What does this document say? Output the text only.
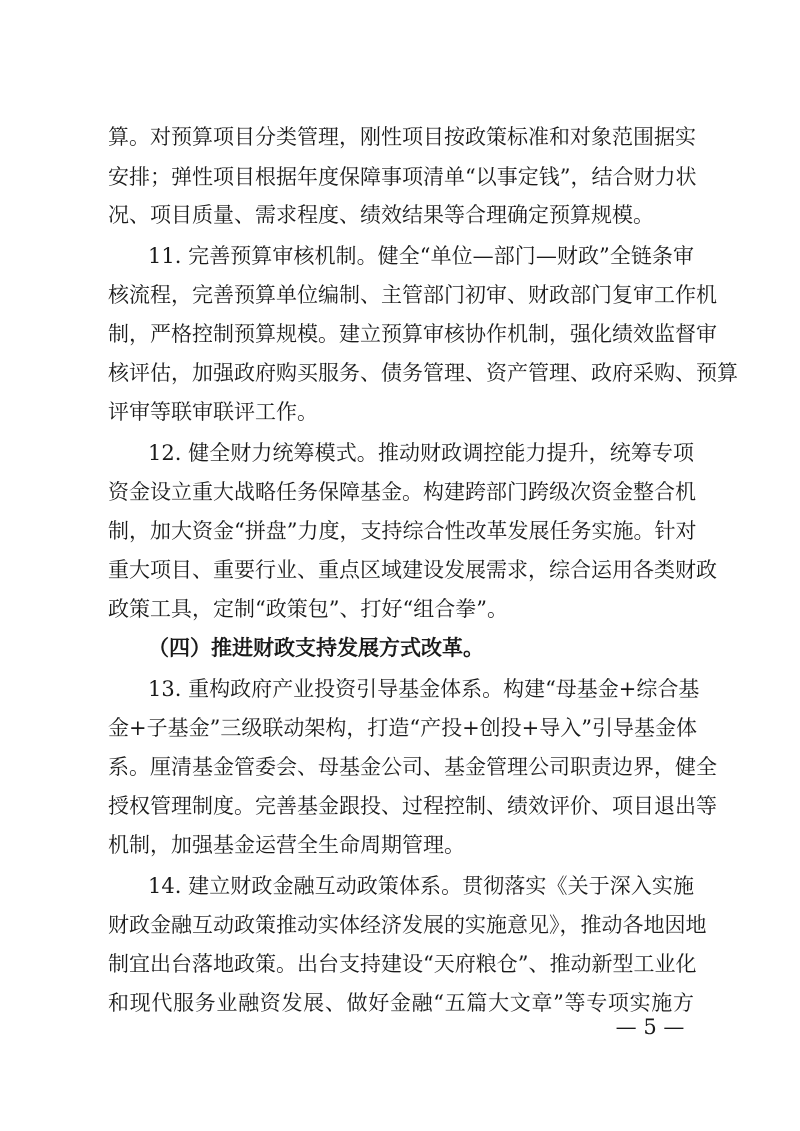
算。对预算项目分类管理，刚性项目按政策标准和对象范围据实
安排；弹性项目根据年度保障事项清单“以事定钱”，结合财力状
况、项目质量、需求程度、绩效结果等合理确定预算规模。
11. 完善预算审核机制。健全“单位—部门—财政”全链条审
核流程，完善预算单位编制、主管部门初审、财政部门复审工作机
制，严格控制预算规模。建立预算审核协作机制，强化绩效监督审
核评估，加强政府购买服务、债务管理、资产管理、政府采购、预算
评审等联审联评工作。
12. 健全财力统筹模式。推动财政调控能力提升，统筹专项
资金设立重大战略任务保障基金。构建跨部门跨级次资金整合机
制，加大资金“拼盘”力度，支持综合性改革发展任务实施。针对
重大项目、重要行业、重点区域建设发展需求，综合运用各类财政
政策工具，定制“政策包”、打好“组合拳”。
（四）推进财政支持发展方式改革。
13. 重构政府产业投资引导基金体系。构建“母基金+综合基
金+子基金”三级联动架构，打造“产投+创投+导入”引导基金体
系。厘清基金管委会、母基金公司、基金管理公司职责边界，健全
授权管理制度。完善基金跟投、过程控制、绩效评价、项目退出等
机制，加强基金运营全生命周期管理。
14. 建立财政金融互动政策体系。贯彻落实《关于深入实施
财政金融互动政策推动实体经济发展的实施意见》，推动各地因地
制宜出台落地政策。出台支持建设“天府粮仓”、推动新型工业化
和现代服务业融资发展、做好金融“五篇大文章”等专项实施方
— 5 —
